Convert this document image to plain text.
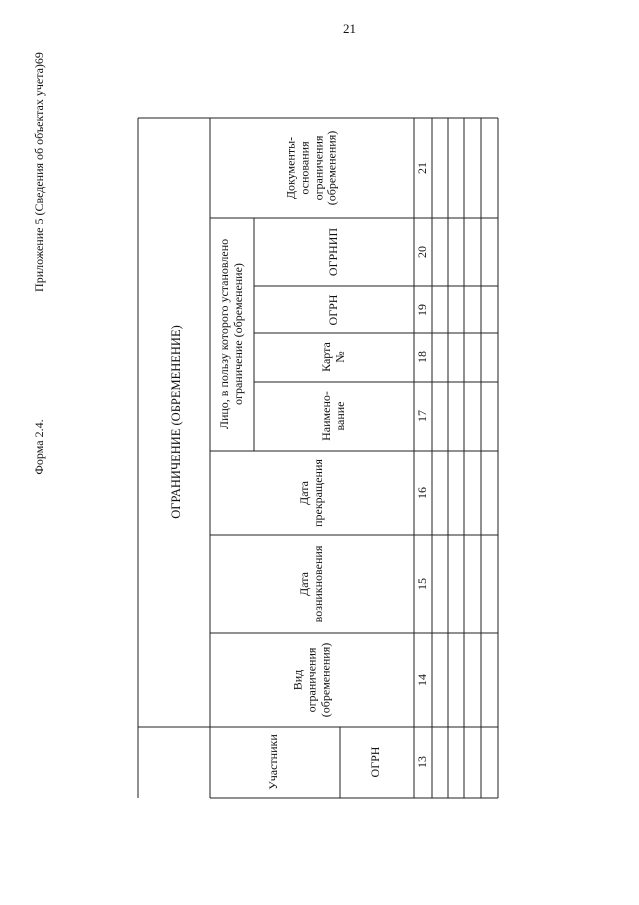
21
Форма 2.4.
Приложение 5 (Сведения об объектах учета)69
ОГРАНИЧЕНИЕ (ОБРЕМЕНЕНИЕ)
Участники	ОГРН
Вид
ограничения
(обременения)
Дата
возникновения
Дата
прекращения
Лицо, в пользу которого установлено
ограничение (обременение)
Наимено-
вание
Карта
№
ОГРН
ОГРНИП
Документы-
основания
ограничения
(обременения)
13
14
15
16
17
18
19
20
21
